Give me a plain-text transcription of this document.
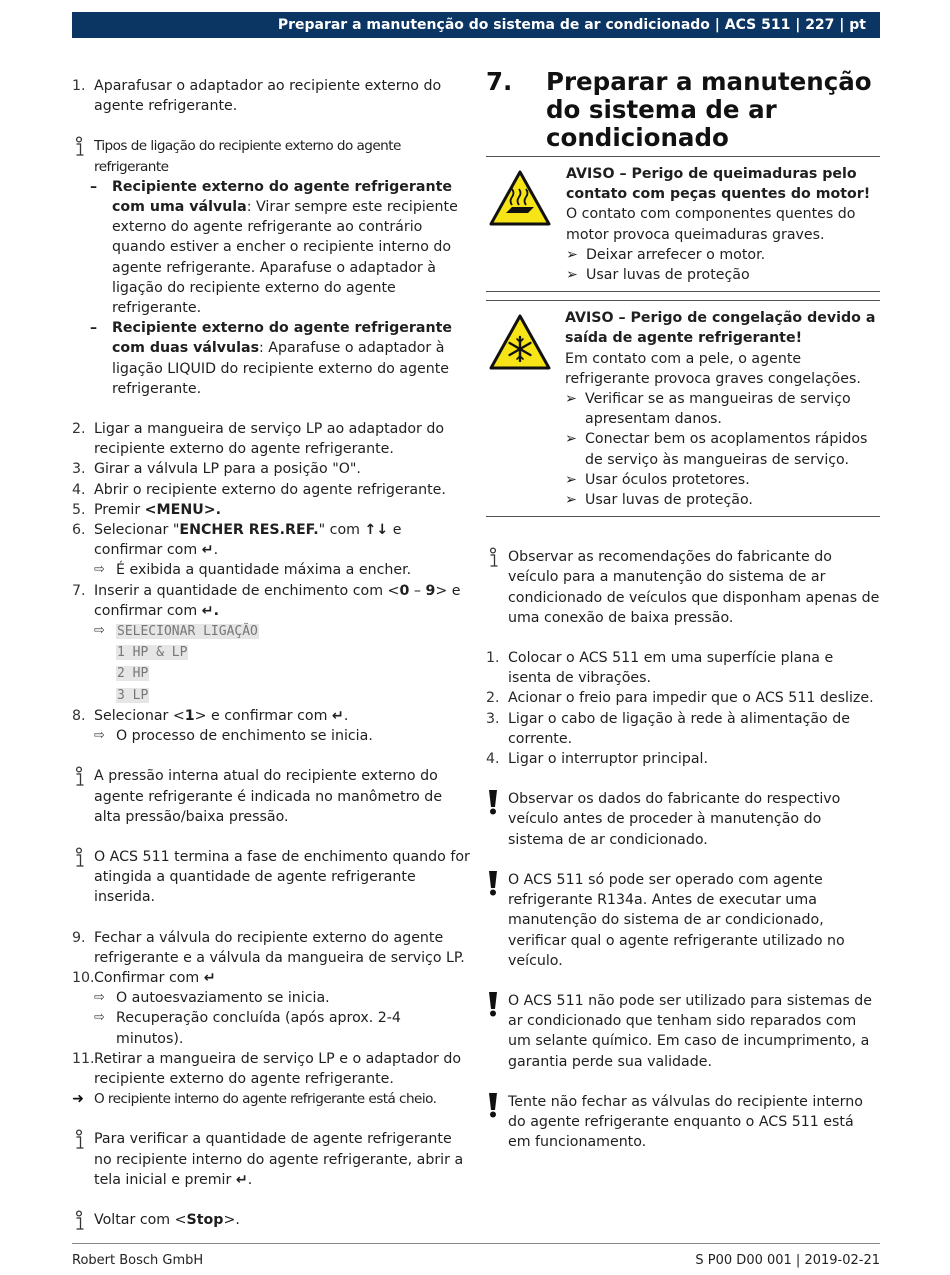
Preparar a manutenção do sistema de ar condicionado | ACS 511 | 227 | pt
1. Aparafusar o adaptador ao recipiente externo do agente refrigerante.
Tipos de ligação do recipiente externo do agente refrigerante
– Recipiente externo do agente refrigerante com uma válvula: Virar sempre este recipiente externo do agente refrigerante ao contrário quando estiver a encher o recipiente interno do agente refrigerante. Aparafuse o adaptador à ligação do recipiente externo do agente refrigerante.
– Recipiente externo do agente refrigerante com duas válvulas: Aparafuse o adaptador à ligação LIQUID do recipiente externo do agente refrigerante.
2. Ligar a mangueira de serviço LP ao adaptador do recipiente externo do agente refrigerante.
3. Girar a válvula LP para a posição "O".
4. Abrir o recipiente externo do agente refrigerante.
5. Premir <MENU>.
6. Selecionar "ENCHER RES.REF." com ↑↓ e confirmar com ↵.
⇨ É exibida a quantidade máxima a encher.
7. Inserir a quantidade de enchimento com <0 – 9> e confirmar com ↵.
⇨ SELECIONAR LIGAÇÃO
1 HP & LP
2 HP
3 LP
8. Selecionar <1> e confirmar com ↵.
⇨ O processo de enchimento se inicia.
A pressão interna atual do recipiente externo do agente refrigerante é indicada no manômetro de alta pressão/baixa pressão.
O ACS 511 termina a fase de enchimento quando for atingida a quantidade de agente refrigerante inserida.
9. Fechar a válvula do recipiente externo do agente refrigerante e a válvula da mangueira de serviço LP.
10. Confirmar com ↵
⇨ O autoesvaziamento se inicia.
⇨ Recuperação concluída (após aprox. 2-4 minutos).
11. Retirar a mangueira de serviço LP e o adaptador do recipiente externo do agente refrigerante.
➜ O recipiente interno do agente refrigerante está cheio.
Para verificar a quantidade de agente refrigerante no recipiente interno do agente refrigerante, abrir a tela inicial e premir ↵.
Voltar com <Stop>.
7. Preparar a manutenção do sistema de ar condicionado
AVISO – Perigo de queimaduras pelo contato com peças quentes do motor!
O contato com componentes quentes do motor provoca queimaduras graves.
➢ Deixar arrefecer o motor.
➢ Usar luvas de proteção
AVISO – Perigo de congelação devido a saída de agente refrigerante!
Em contato com a pele, o agente refrigerante provoca graves congelações.
➢ Verificar se as mangueiras de serviço apresentam danos.
➢ Conectar bem os acoplamentos rápidos de serviço às mangueiras de serviço.
➢ Usar óculos protetores.
➢ Usar luvas de proteção.
Observar as recomendações do fabricante do veículo para a manutenção do sistema de ar condicionado de veículos que disponham apenas de uma conexão de baixa pressão.
1. Colocar o ACS 511 em uma superfície plana e isenta de vibrações.
2. Acionar o freio para impedir que o ACS 511 deslize.
3. Ligar o cabo de ligação à rede à alimentação de corrente.
4. Ligar o interruptor principal.
Observar os dados do fabricante do respectivo veículo antes de proceder à manutenção do sistema de ar condicionado.
O ACS 511 só pode ser operado com agente refrigerante R134a. Antes de executar uma manutenção do sistema de ar condicionado, verificar qual o agente refrigerante utilizado no veículo.
O ACS 511 não pode ser utilizado para sistemas de ar condicionado que tenham sido reparados com um selante químico. Em caso de incumprimento, a garantia perde sua validade.
Tente não fechar as válvulas do recipiente interno do agente refrigerante enquanto o ACS 511 está em funcionamento.
Robert Bosch GmbH	S P00 D00 001 | 2019-02-21
